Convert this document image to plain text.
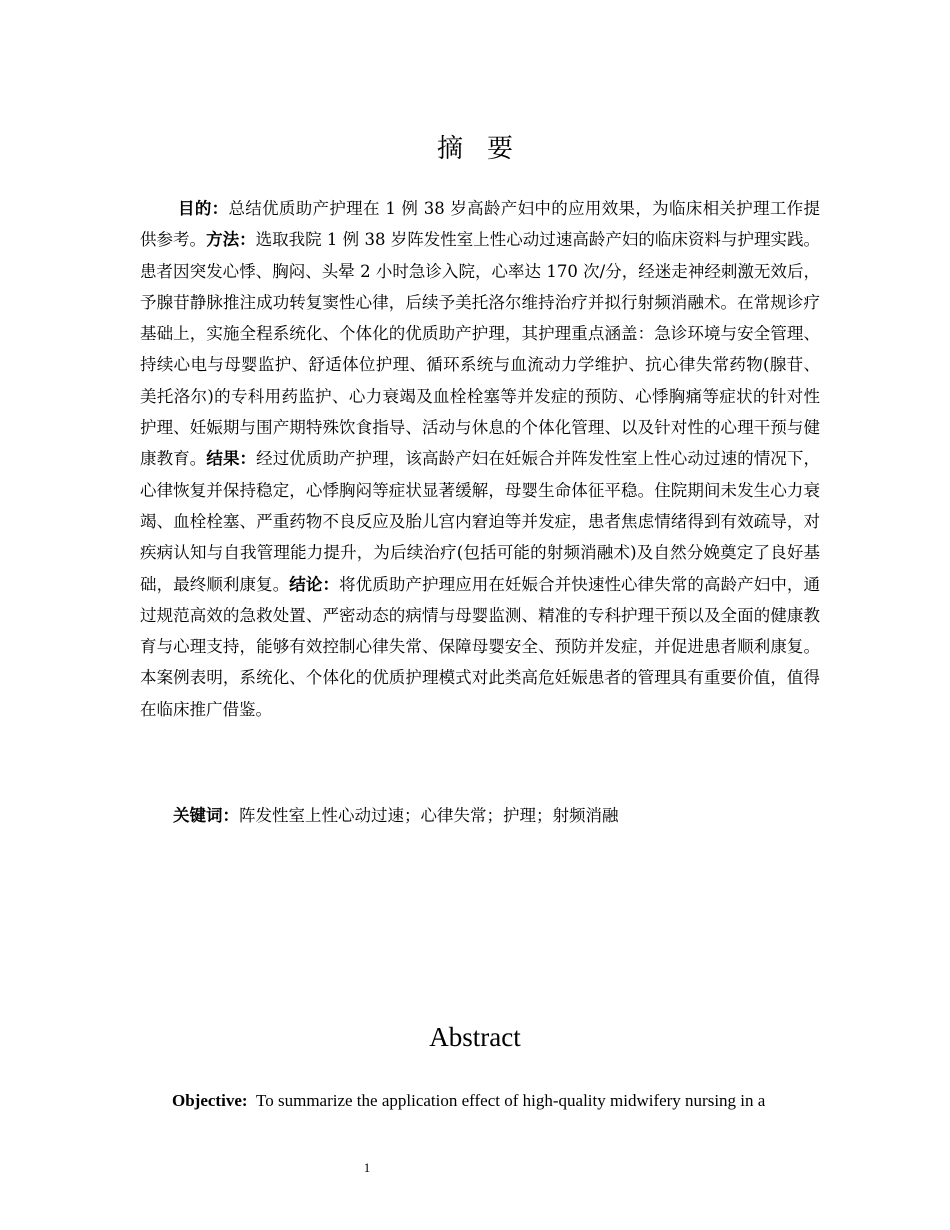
摘要

目的：总结优质助产护理在 1 例 38 岁高龄产妇中的应用效果，为临床相关护理工作提供参考。方法：选取我院 1 例 38 岁阵发性室上性心动过速高龄产妇的临床资料与护理实践。患者因突发心悸、胸闷、头晕 2 小时急诊入院，心率达 170 次/分，经迷走神经刺激无效后，予腺苷静脉推注成功转复窦性心律，后续予美托洛尔维持治疗并拟行射频消融术。在常规诊疗基础上，实施全程系统化、个体化的优质助产护理，其护理重点涵盖：急诊环境与安全管理、持续心电与母婴监护、舒适体位护理、循环系统与血流动力学维护、抗心律失常药物(腺苷、美托洛尔)的专科用药监护、心力衰竭及血栓栓塞等并发症的预防、心悸胸痛等症状的针对性护理、妊娠期与围产期特殊饮食指导、活动与休息的个体化管理、以及针对性的心理干预与健康教育。结果：经过优质助产护理，该高龄产妇在妊娠合并阵发性室上性心动过速的情况下，心律恢复并保持稳定，心悸胸闷等症状显著缓解，母婴生命体征平稳。住院期间未发生心力衰竭、血栓栓塞、严重药物不良反应及胎儿宫内窘迫等并发症，患者焦虑情绪得到有效疏导，对疾病认知与自我管理能力提升，为后续治疗(包括可能的射频消融术)及自然分娩奠定了良好基础，最终顺利康复。结论：将优质助产护理应用在妊娠合并快速性心律失常的高龄产妇中，通过规范高效的急救处置、严密动态的病情与母婴监测、精准的专科护理干预以及全面的健康教育与心理支持，能够有效控制心律失常、保障母婴安全、预防并发症，并促进患者顺利康复。本案例表明，系统化、个体化的优质护理模式对此类高危妊娠患者的管理具有重要价值，值得在临床推广借鉴。

关键词：阵发性室上性心动过速；心律失常；护理；射频消融

Abstract

Objective: To summarize the application effect of high-quality midwifery nursing in a

1
